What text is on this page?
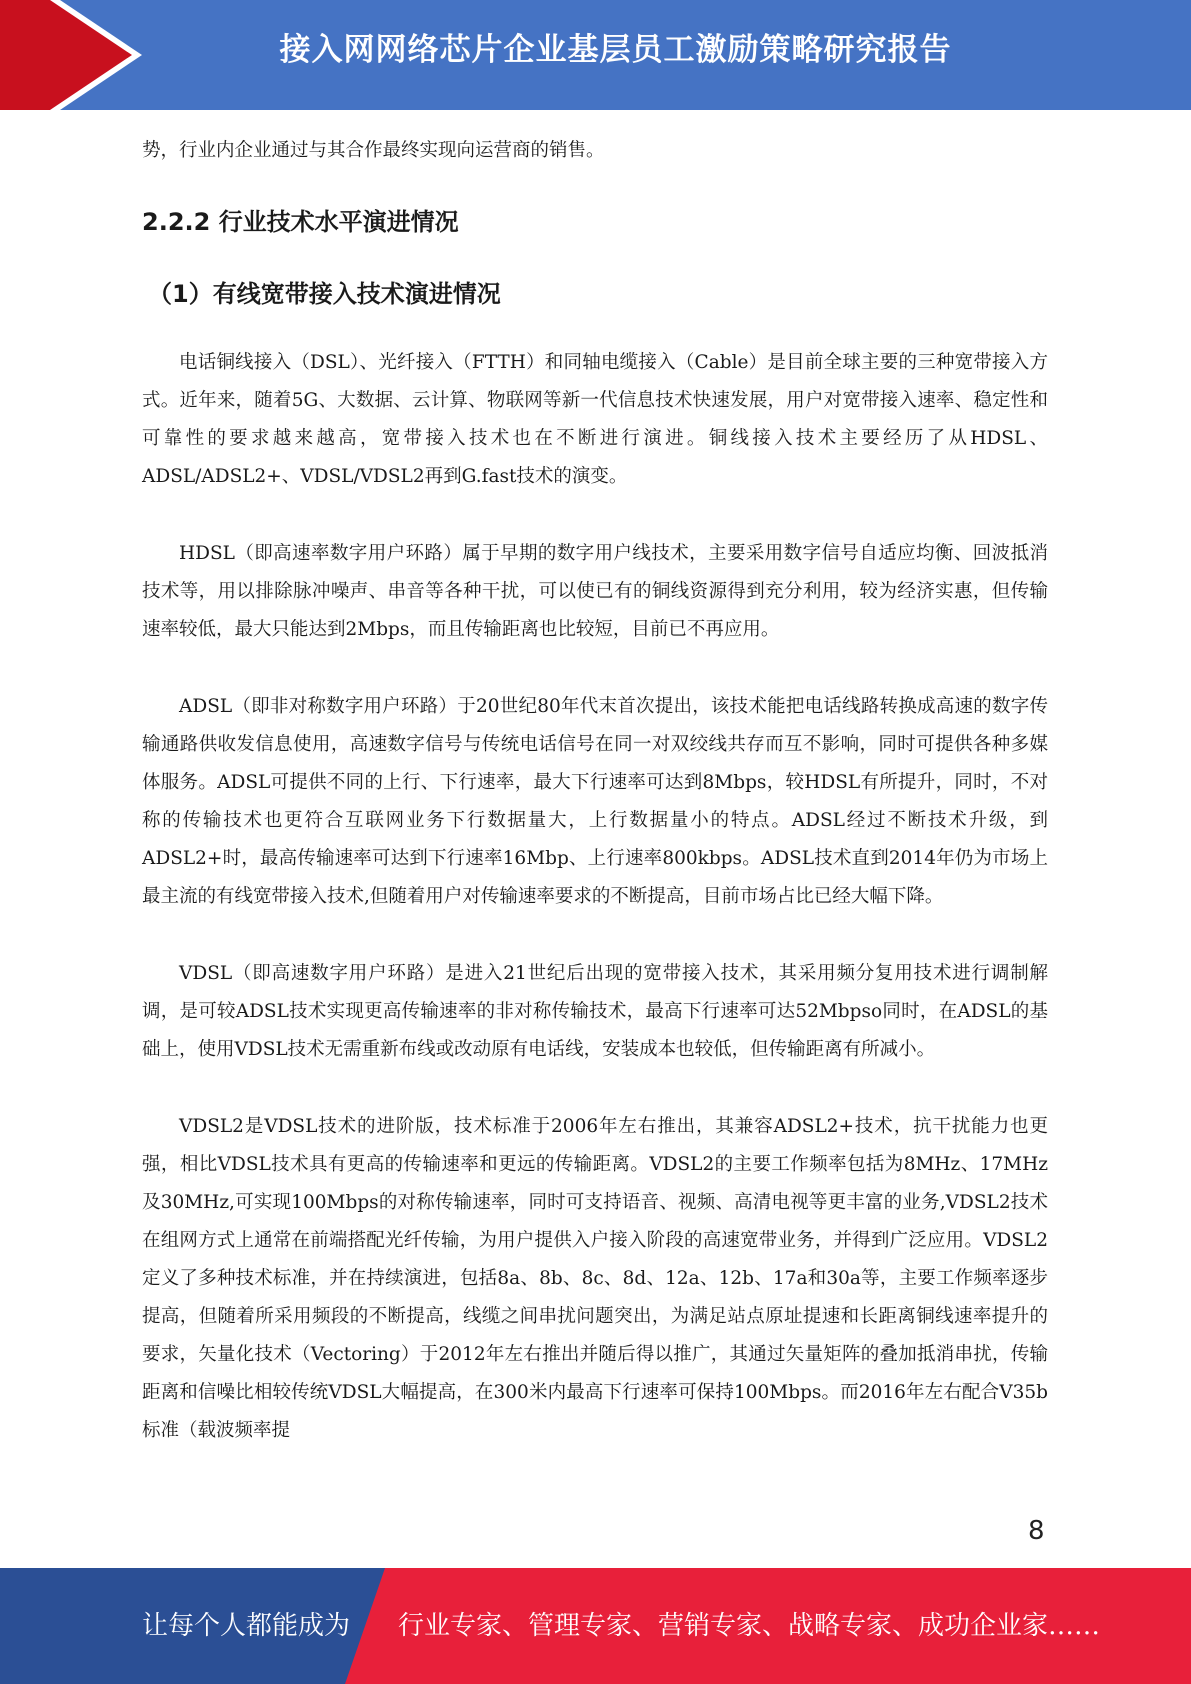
接入网网络芯片企业基层员工激励策略研究报告

势，行业内企业通过与其合作最终实现向运营商的销售。

2.2.2 行业技术水平演进情况
（1）有线宽带接入技术演进情况

电话铜线接入（DSL）、光纤接入（FTTH）和同轴电缆接入（Cable）是目前全球主要的三种宽带接入方式。近年来，随着5G、大数据、云计算、物联网等新一代信息技术快速发展，用户对宽带接入速率、稳定性和可靠性的要求越来越高，宽带接入技术也在不断进行演进。铜线接入技术主要经历了从HDSL、ADSL/ADSL2+、VDSL/VDSL2再到G.fast技术的演变。

HDSL（即高速率数字用户环路）属于早期的数字用户线技术，主要采用数字信号自适应均衡、回波抵消技术等，用以排除脉冲噪声、串音等各种干扰，可以使已有的铜线资源得到充分利用，较为经济实惠，但传输速率较低，最大只能达到2Mbps，而且传输距离也比较短，目前已不再应用。

ADSL（即非对称数字用户环路）于20世纪80年代末首次提出，该技术能把电话线路转换成高速的数字传输通路供收发信息使用，高速数字信号与传统电话信号在同一对双绞线共存而互不影响，同时可提供各种多媒体服务。ADSL可提供不同的上行、下行速率，最大下行速率可达到8Mbps，较HDSL有所提升，同时，不对称的传输技术也更符合互联网业务下行数据量大，上行数据量小的特点。ADSL经过不断技术升级，到ADSL2+时，最高传输速率可达到下行速率16Mbp、上行速率800kbps。ADSL技术直到2014年仍为市场上最主流的有线宽带接入技术,但随着用户对传输速率要求的不断提高，目前市场占比已经大幅下降。

VDSL（即高速数字用户环路）是进入21世纪后出现的宽带接入技术，其采用频分复用技术进行调制解调，是可较ADSL技术实现更高传输速率的非对称传输技术，最高下行速率可达52Mbpso同时，在ADSL的基础上，使用VDSL技术无需重新布线或改动原有电话线，安装成本也较低，但传输距离有所减小。

VDSL2是VDSL技术的进阶版，技术标准于2006年左右推出，其兼容ADSL2+技术，抗干扰能力也更强，相比VDSL技术具有更高的传输速率和更远的传输距离。VDSL2的主要工作频率包括为8MHz、17MHz及30MHz,可实现100Mbps的对称传输速率，同时可支持语音、视频、高清电视等更丰富的业务,VDSL2技术在组网方式上通常在前端搭配光纤传输，为用户提供入户接入阶段的高速宽带业务，并得到广泛应用。VDSL2定义了多种技术标准，并在持续演进，包括8a、8b、8c、8d、12a、12b、17a和30a等，主要工作频率逐步提高，但随着所采用频段的不断提高，线缆之间串扰问题突出，为满足站点原址提速和长距离铜线速率提升的要求，矢量化技术（Vectoring）于2012年左右推出并随后得以推广，其通过矢量矩阵的叠加抵消串扰，传输距离和信噪比相较传统VDSL大幅提高，在300米内最高下行速率可保持100Mbps。而2016年左右配合V35b标准（载波频率提

8
让每个人都能成为 行业专家、管理专家、营销专家、战略专家、成功企业家……
